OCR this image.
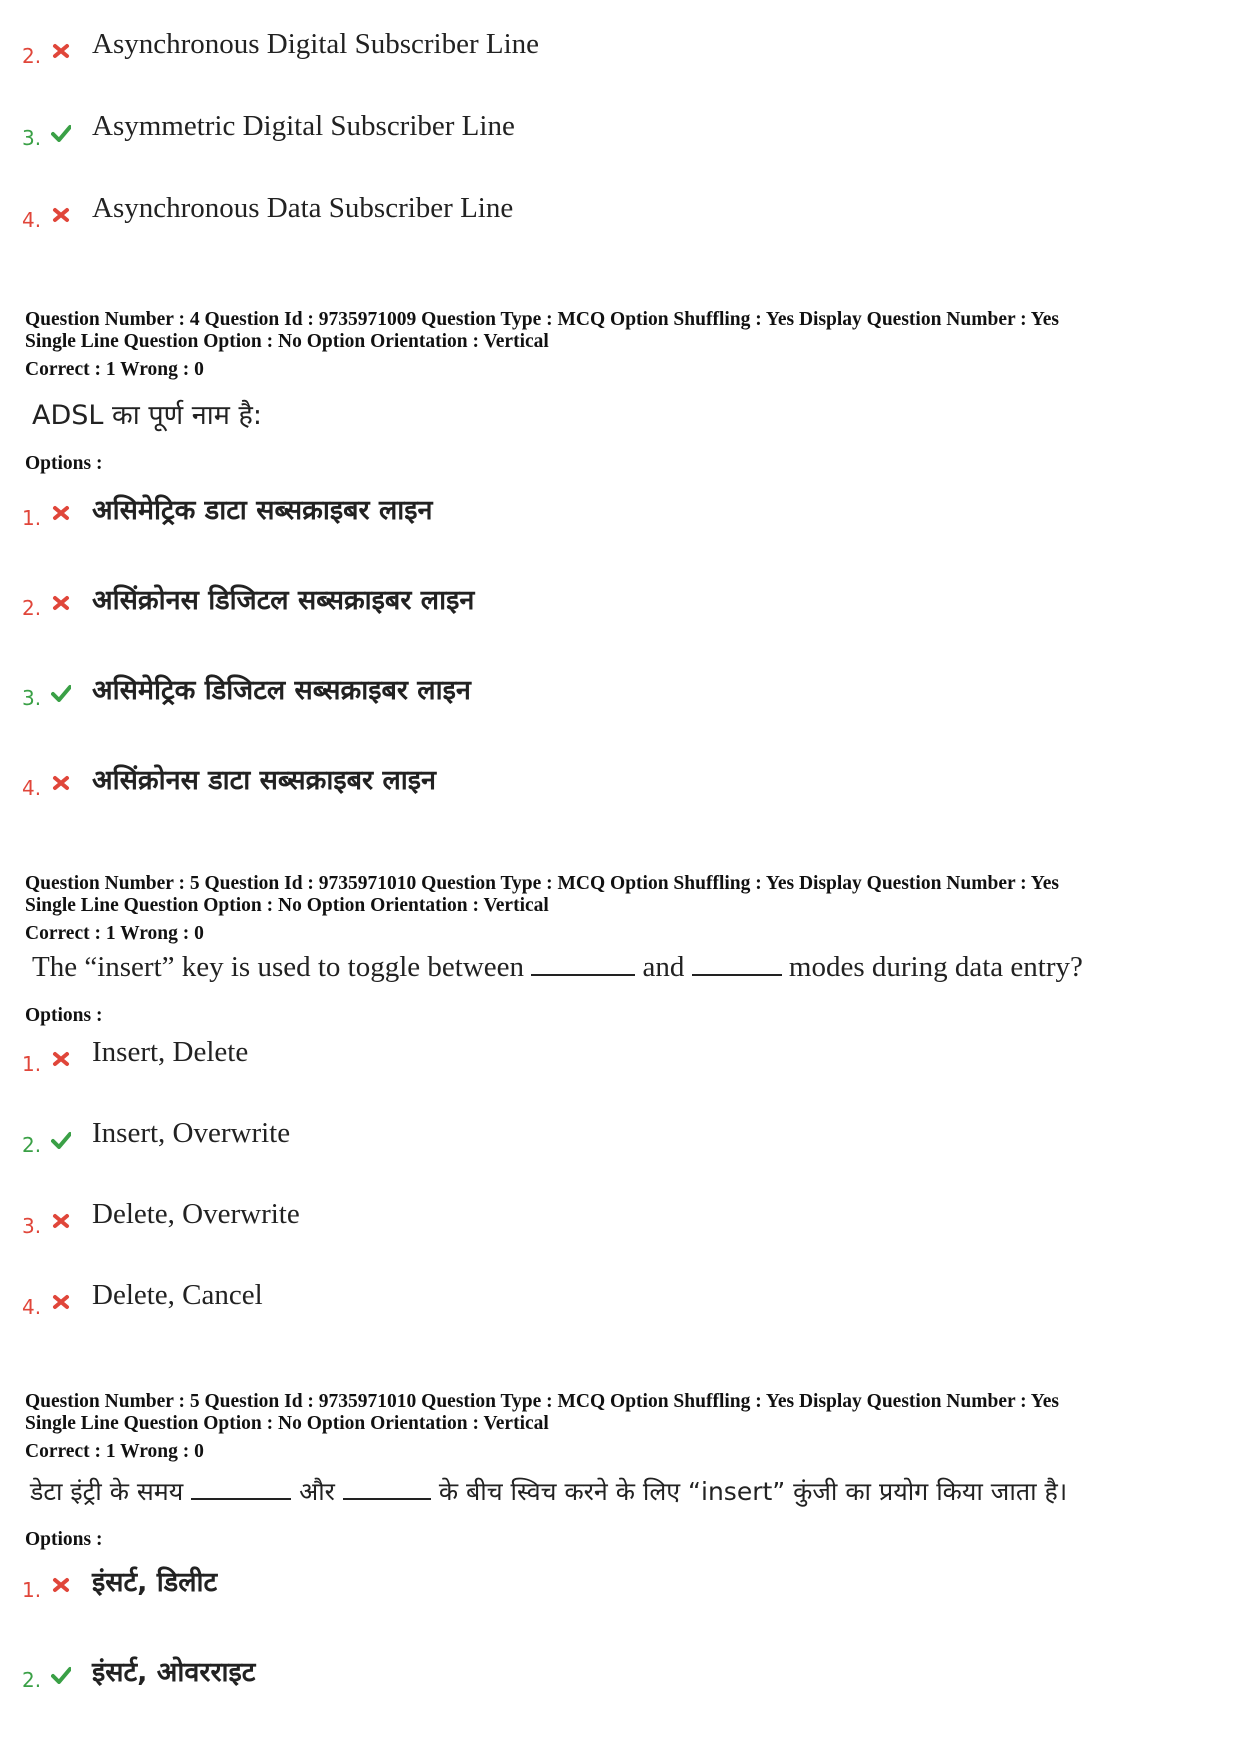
2. Asynchronous Digital Subscriber Line
3. Asymmetric Digital Subscriber Line
4. Asynchronous Data Subscriber Line
Question Number : 4 Question Id : 9735971009 Question Type : MCQ Option Shuffling : Yes Display Question Number : Yes
Single Line Question Option : No Option Orientation : Vertical
Correct : 1 Wrong : 0
ADSL का पूर्ण नाम है:
Options :
1. असिमेट्रिक डाटा सब्सक्राइबर लाइन
2. असिंक्रोनस डिजिटल सब्सक्राइबर लाइन
3. असिमेट्रिक डिजिटल सब्सक्राइबर लाइन
4. असिंक्रोनस डाटा सब्सक्राइबर लाइन
Question Number : 5 Question Id : 9735971010 Question Type : MCQ Option Shuffling : Yes Display Question Number : Yes
Single Line Question Option : No Option Orientation : Vertical
Correct : 1 Wrong : 0
The “insert” key is used to toggle between	and	modes during data entry?
Options :
1. Insert, Delete
2. Insert, Overwrite
3. Delete, Overwrite
4. Delete, Cancel
Question Number : 5 Question Id : 9735971010 Question Type : MCQ Option Shuffling : Yes Display Question Number : Yes
Single Line Question Option : No Option Orientation : Vertical
Correct : 1 Wrong : 0
डेटा इंट्री के समय	और	के बीच स्विच करने के लिए “insert” कुंजी का प्रयोग किया जाता है।
Options :
1. इंसर्ट, डिलीट
2. इंसर्ट, ओवरराइट
